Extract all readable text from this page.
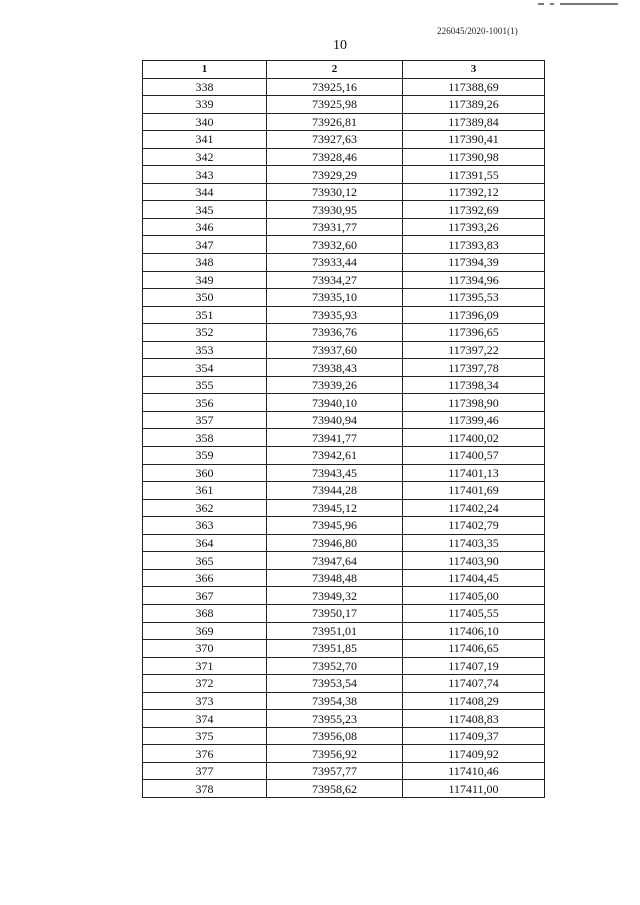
226045/2020-1001(1)
10
1	2	3
338	73925,16	117388,69
339	73925,98	117389,26
340	73926,81	117389,84
341	73927,63	117390,41
342	73928,46	117390,98
343	73929,29	117391,55
344	73930,12	117392,12
345	73930,95	117392,69
346	73931,77	117393,26
347	73932,60	117393,83
348	73933,44	117394,39
349	73934,27	117394,96
350	73935,10	117395,53
351	73935,93	117396,09
352	73936,76	117396,65
353	73937,60	117397,22
354	73938,43	117397,78
355	73939,26	117398,34
356	73940,10	117398,90
357	73940,94	117399,46
358	73941,77	117400,02
359	73942,61	117400,57
360	73943,45	117401,13
361	73944,28	117401,69
362	73945,12	117402,24
363	73945,96	117402,79
364	73946,80	117403,35
365	73947,64	117403,90
366	73948,48	117404,45
367	73949,32	117405,00
368	73950,17	117405,55
369	73951,01	117406,10
370	73951,85	117406,65
371	73952,70	117407,19
372	73953,54	117407,74
373	73954,38	117408,29
374	73955,23	117408,83
375	73956,08	117409,37
376	73956,92	117409,92
377	73957,77	117410,46
378	73958,62	117411,00
